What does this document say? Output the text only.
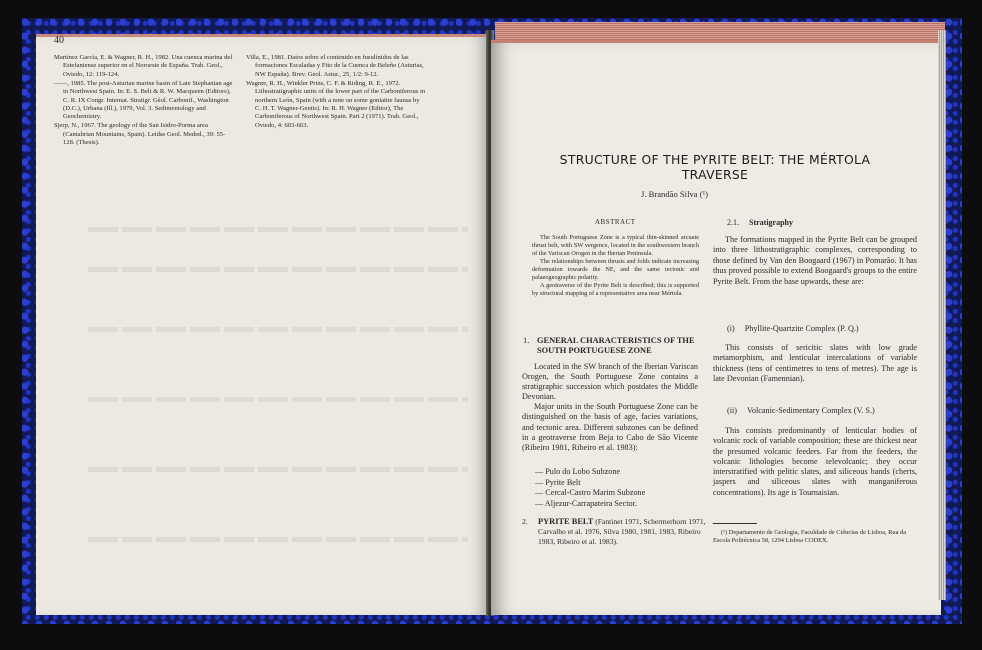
40

Martínez García, E. & Wagner, R. H., 1982. Una cuenca marina del Estefaniense superior en el Noroeste de España. Trab. Geol., Oviedo, 12: 119-124.

——, 1985. The post-Asturian marine basin of Late Stephanian age in Northwest Spain. In: E. S. Belt & R. W. Macqueen (Editors), C. R. IX Congr. Internat. Stratigr. Géol. Carbonif., Washington (D.C.), Urbana (Ill.), 1979, Vol. 3. Sedimentology and Geochemistry.

Sjerp, N., 1967. The geology of the San Isidro-Porma area (Cantabrian Mountains, Spain). Leidse Geol. Meded., 39: 55-128. (Thesis).

Villa, E., 1981. Datos sobre el contenido en fusulínidos de las formaciones Escaladas y Fito de la Cuenca de Beleño (Asturias, NW España). Brev. Geol. Astur., 25, 1/2: 9-12.

Wagner, R. H., Winkler Prins, C. F. & Riding, R. E., 1972. Lithostratigraphic units of the lower part of the Carboniferous in northern León, Spain (with a note on some goniatite faunas by C. H. T. Wagner-Gentis). In: R. H. Wagner (Editor), The Carboniferous of Northwest Spain. Part 2 (1971). Trab. Geol., Oviedo, 4: 603-663.

STRUCTURE OF THE PYRITE BELT: THE MÉRTOLA TRAVERSE
J. Brandão Silva (¹)
ABSTRACT

The South Portuguese Zone is a typical thin-skinned arcuate thrust belt, with SW vergence, located in the southwestern branch of the Variscan Orogen in the Iberian Peninsula.

The relationships between thrusts and folds indicate increasing deformation towards the NE, and the same tectonic and palaeogeographic polarity.

A geotraverse of the Pyrite Belt is described; this is supported by structural mapping of a representative area near Mértola.

1. GENERAL CHARACTERISTICS OF THE SOUTH PORTUGUESE ZONE

Located in the SW branch of the Iberian Variscan Orogen, the South Portuguese Zone contains a stratigraphic succession which postdates the Middle Devonian.

Major units in the South Portuguese Zone can be distinguished on the basis of age, facies variations, and tectonic area. Different subzones can be defined in a geotraverse from Beja to Cabo de São Vicente (Ribeiro 1981, Ribeiro et al. 1983):

— Pulo do Lobo Subzone
— Pyrite Belt
— Cercal-Castro Marim Subzone
— Aljezur-Carrapateira Sector.
2. PYRITE BELT (Fantinet 1971, Schermerhorn 1971, Carvalho et al. 1976, Silva 1980, 1981, 1983, Ribeiro 1983, Ribeiro et al. 1983).
2.1. Stratigraphy

The formations mapped in the Pyrite Belt can be grouped into three lithostratigraphic complexes, corresponding to those defined by Van den Boogaard (1967) in Pomarão. It has thus proved possible to extend Boogaard's groups to the entire Pyrite Belt. From the base upwards, these are:

(i) Phyllite-Quartzite Complex (P. Q.)

This consists of sericitic slates with low grade metamorphism, and lenticular intercalations of variable thickness (tens of centimetres to tens of metres). The age is late Devonian (Famennian).

(ii) Volcanic-Sedimentary Complex (V. S.)

This consists predominantly of lenticular bodies of volcanic rock of variable composition; these are thickest near the presumed volcanic feeders. Far from the feeders, the volcanic lithologies become televolcanic; they occur interstratified with pelitic slates, and siliceous bands (cherts, jaspers and siliceous slates with manganiferous concentrations). Its age is Tournaisian.

(¹) Departamento de Geologia, Faculdade de Ciências de Lisboa, Rua da Escola Politécnica 58, 1294 Lisboa CODEX.
